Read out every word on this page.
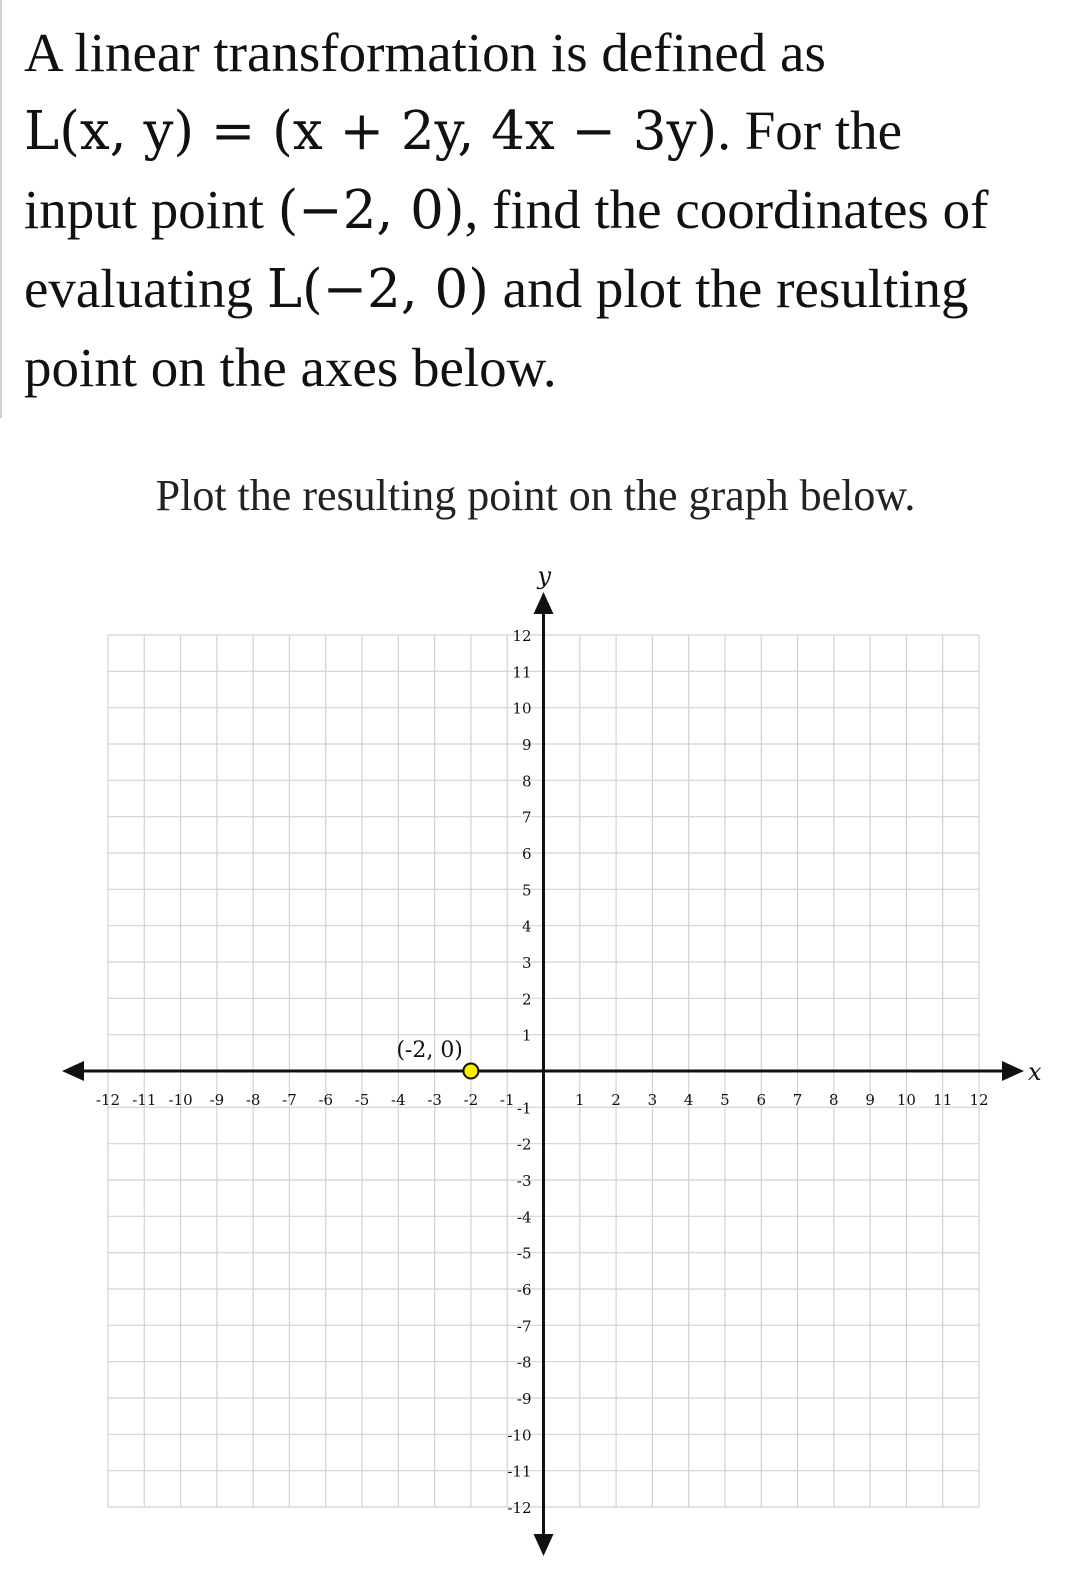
A linear transformation is defined as
L(x, y) = (x + 2y, 4x − 3y). For the
input point (−2, 0), find the coordinates of
evaluating L(−2, 0) and plot the resulting
point on the axes below.
Plot the resulting point on the graph below.
-12 -11 -10 -9 -8 -7 -6 -5 -4 -3 -2 -1	1 2 3 4 5 6 7 8 9 10 11 12
12
11
10
9
8
7
6
5
4
3
2
1
-1
-2
-3
-4
-5
-6
-7
-8
-9
-10
-11
-12
x
y
(-2, 0)
